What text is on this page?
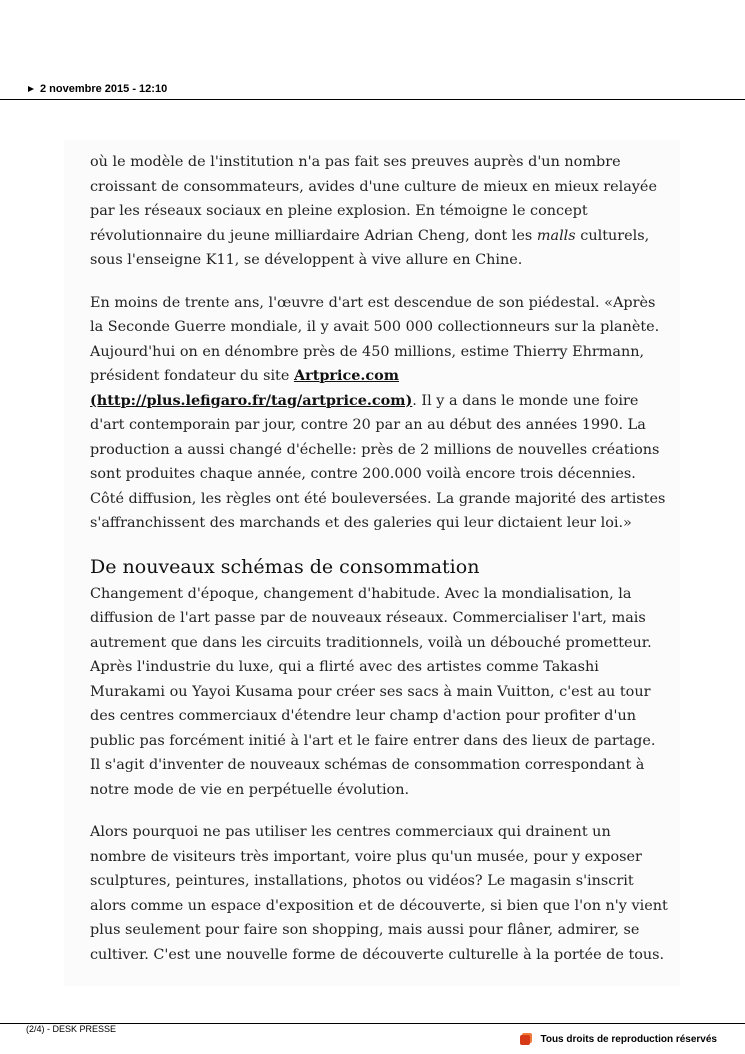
2 novembre 2015 - 12:10

où le modèle de l'institution n'a pas fait ses preuves auprès d'un nombre croissant de consommateurs, avides d'une culture de mieux en mieux relayée par les réseaux sociaux en pleine explosion. En témoigne le concept révolutionnaire du jeune milliardaire Adrian Cheng, dont les malls culturels, sous l'enseigne K11, se développent à vive allure en Chine.

En moins de trente ans, l'œuvre d'art est descendue de son piédestal. «Après la Seconde Guerre mondiale, il y avait 500 000 collectionneurs sur la planète. Aujourd'hui on en dénombre près de 450 millions, estime Thierry Ehrmann, président fondateur du site Artprice.com (http://plus.lefigaro.fr/tag/artprice.com). Il y a dans le monde une foire d'art contemporain par jour, contre 20 par an au début des années 1990. La production a aussi changé d'échelle: près de 2 millions de nouvelles créations sont produites chaque année, contre 200.000 voilà encore trois décennies. Côté diffusion, les règles ont été bouleversées. La grande majorité des artistes s'affranchissent des marchands et des galeries qui leur dictaient leur loi.»

De nouveaux schémas de consommation

Changement d'époque, changement d'habitude. Avec la mondialisation, la diffusion de l'art passe par de nouveaux réseaux. Commercialiser l'art, mais autrement que dans les circuits traditionnels, voilà un débouché prometteur. Après l'industrie du luxe, qui a flirté avec des artistes comme Takashi Murakami ou Yayoi Kusama pour créer ses sacs à main Vuitton, c'est au tour des centres commerciaux d'étendre leur champ d'action pour profiter d'un public pas forcément initié à l'art et le faire entrer dans des lieux de partage. Il s'agit d'inventer de nouveaux schémas de consommation correspondant à notre mode de vie en perpétuelle évolution.

Alors pourquoi ne pas utiliser les centres commerciaux qui drainent un nombre de visiteurs très important, voire plus qu'un musée, pour y exposer sculptures, peintures, installations, photos ou vidéos? Le magasin s'inscrit alors comme un espace d'exposition et de découverte, si bien que l'on n'y vient plus seulement pour faire son shopping, mais aussi pour flâner, admirer, se cultiver. C'est une nouvelle forme de découverte culturelle à la portée de tous.

(2/4) - DESK PRESSE
Tous droits de reproduction réservés
